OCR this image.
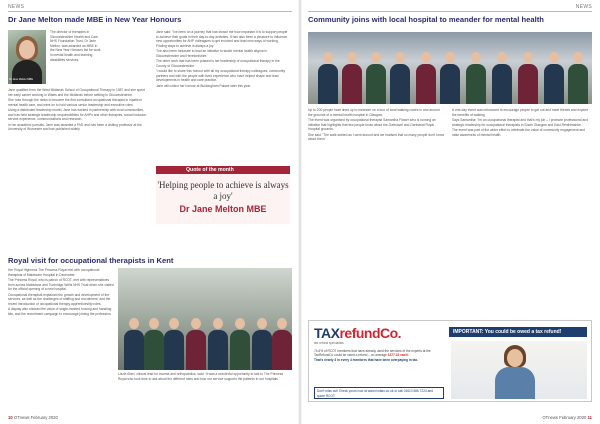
NEWS
Dr Jane Melton made MBE in New Year Honours
Dr Jane Melton MBE

The director of therapies in Gloucestershire Health and Care NHS Foundation Trust, Dr Jane Melton, was awarded an MBE in the New Year Honours list for work in mental health and learning disabilities services.

Jane qualified from the West Midlands School of Occupational Therapy in 1987 and she spent her early career working in Wales and the Midlands before settling in Gloucestershire.

She rose through the ranks to become the first consultant occupational therapist in inpatient mental health care, and went on to hold various senior leadership and executive roles.

Using a distributed leadership model, Jane has worked in partnership with local communities, and has held strategic leadership responsibilities for AHPs and other therapies, social inclusion, service experience, communications and research.

In her academic pursuits, Jane was awarded a PhD and has been a visiting professor at the University of Worcester and has published widely.

Jane said: 'I've been on a journey that has shown me how important it is to support people to achieve their goals in their day-to-day activities. It has also been a pleasure to influence new opportunities for AHP colleagues to get involved and lead new ways of working. Finding ways to achieve is always a joy.'

'I've also been fortunate to lead an initiative to tackle mental health stigma in Gloucestershire and Herefordshire.'

The other work that has been praised is her leadership of occupational therapy in the County of Gloucestershire.

'I would like to share this honour with all my occupational therapy colleagues, community partners and with the people with lived experience who have helped shape and lead developments in health and care practice.'

Jane will collect her honour at Buckingham Palace later this year.

Quote of the month
'Helping people to achieve is always a joy'
Dr Jane Melton MBE
Royal visit for occupational therapists in Kent

Her Royal Highness The Princess Royal met with occupational therapists of Maidstone Hospital in December.

The Princess Royal, who is patron of RCOT, met with representatives from across Maidstone and Tunbridge Wells NHS Trust when she visited for the official opening of a new hospital.

Occupational therapists explained the growth and development of the services, as well as the challenges of staffing and recruitment, and the recent introduction of occupational therapy apprenticeship roles.

A display also showed the value of single-handed moving and handling kits, and the recruitment campaign to encourage joining the profession.

Lizzie Allen, clinical lead for trauma and orthopaedics, said: 'It was a wonderful opportunity to talk to The Princess Royal who took time to ask about the different roles and how our service supports the patients in our hospitals.'

10 OTnews February 2020
NEWS
Community joins with local hospital to meander for mental health

Up to 200 people have lined up to meander on a tour of local walking routes in and around the grounds of a mental health hospital in Glasgow.

The event was organised by occupational therapist Samantha Flower who is running an initiative that highlights that few people know about the Gartnavel and Gartnaval Royal Hospital grounds.

She said: 'The walk started as I went around and we realised that so many people don't know about them.'

A one-day event was introduced to encourage people to get out and meet friends and explore the benefits of walking.

Says Samantha: 'I'm an occupational therapist and that's my job – I promote professional and strategic leadership for occupational therapists in South Glasgow and East Renfrewshire.'

The event was part of the wider effort to celebrate the value of community engagement and raise awareness of mental health.

TAXrefundCo.
tax refund specialists
IMPORTANT: You could be owed a tax refund!
74.6% of RCOT members that have already used the services of the experts at the TaxRefundCo could be owed a refund – on average £277.22 each!
That's nearly 3 in every 4 members that have been overpaying in tax.
Don't miss out! Check yours now at www.rcottax.co.uk or call 01613 666 7224 and quote RCOT
OTnews February 2020 11
